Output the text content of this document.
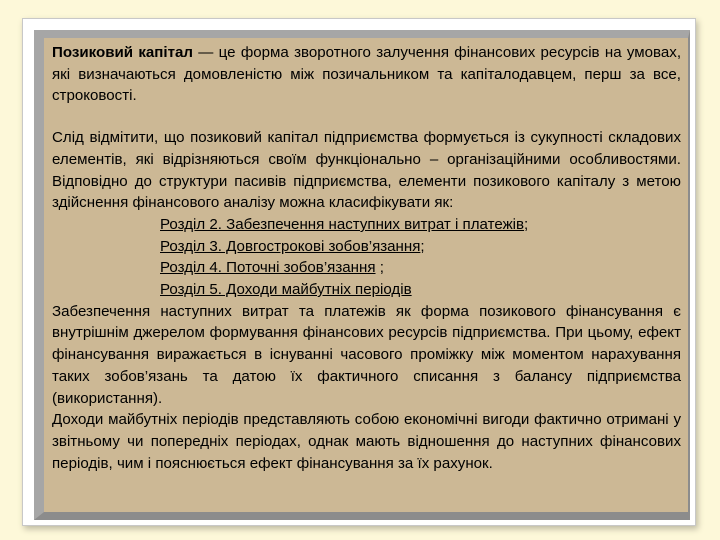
Позиковий капітал — це форма зворотного залучення фінансових ресурсів на умовах, які визначаються домовленістю між позичальником та капіталодавцем, перш за все, строковості.

Слід відмітити, що позиковий капітал підприємства формується із сукупності складових елементів, які відрізняються своїм функціонально – організаційними особливостями. Відповідно до структури пасивів підприємства, елементи позикового капіталу з метою здійснення фінансового аналізу можна класифікувати як:

Розділ 2. Забезпечення наступних витрат і платежів;
Розділ 3. Довгострокові зобов’язання;
Розділ 4. Поточні зобов’язання ;
Розділ 5. Доходи майбутніх періодів

Забезпечення наступних витрат та платежів як форма позикового фінансування є внутрішнім джерелом формування фінансових ресурсів підприємства. При цьому, ефект фінансування виражається в існуванні часового проміжку між моментом нарахування таких зобов’язань та датою їх фактичного списання з балансу підприємства (використання).

Доходи майбутніх періодів представляють собою економічні вигоди фактично отримані у звітньому чи попередніх періодах, однак мають відношення до наступних фінансових періодів, чим і пояснюється ефект фінансування за їх рахунок.
